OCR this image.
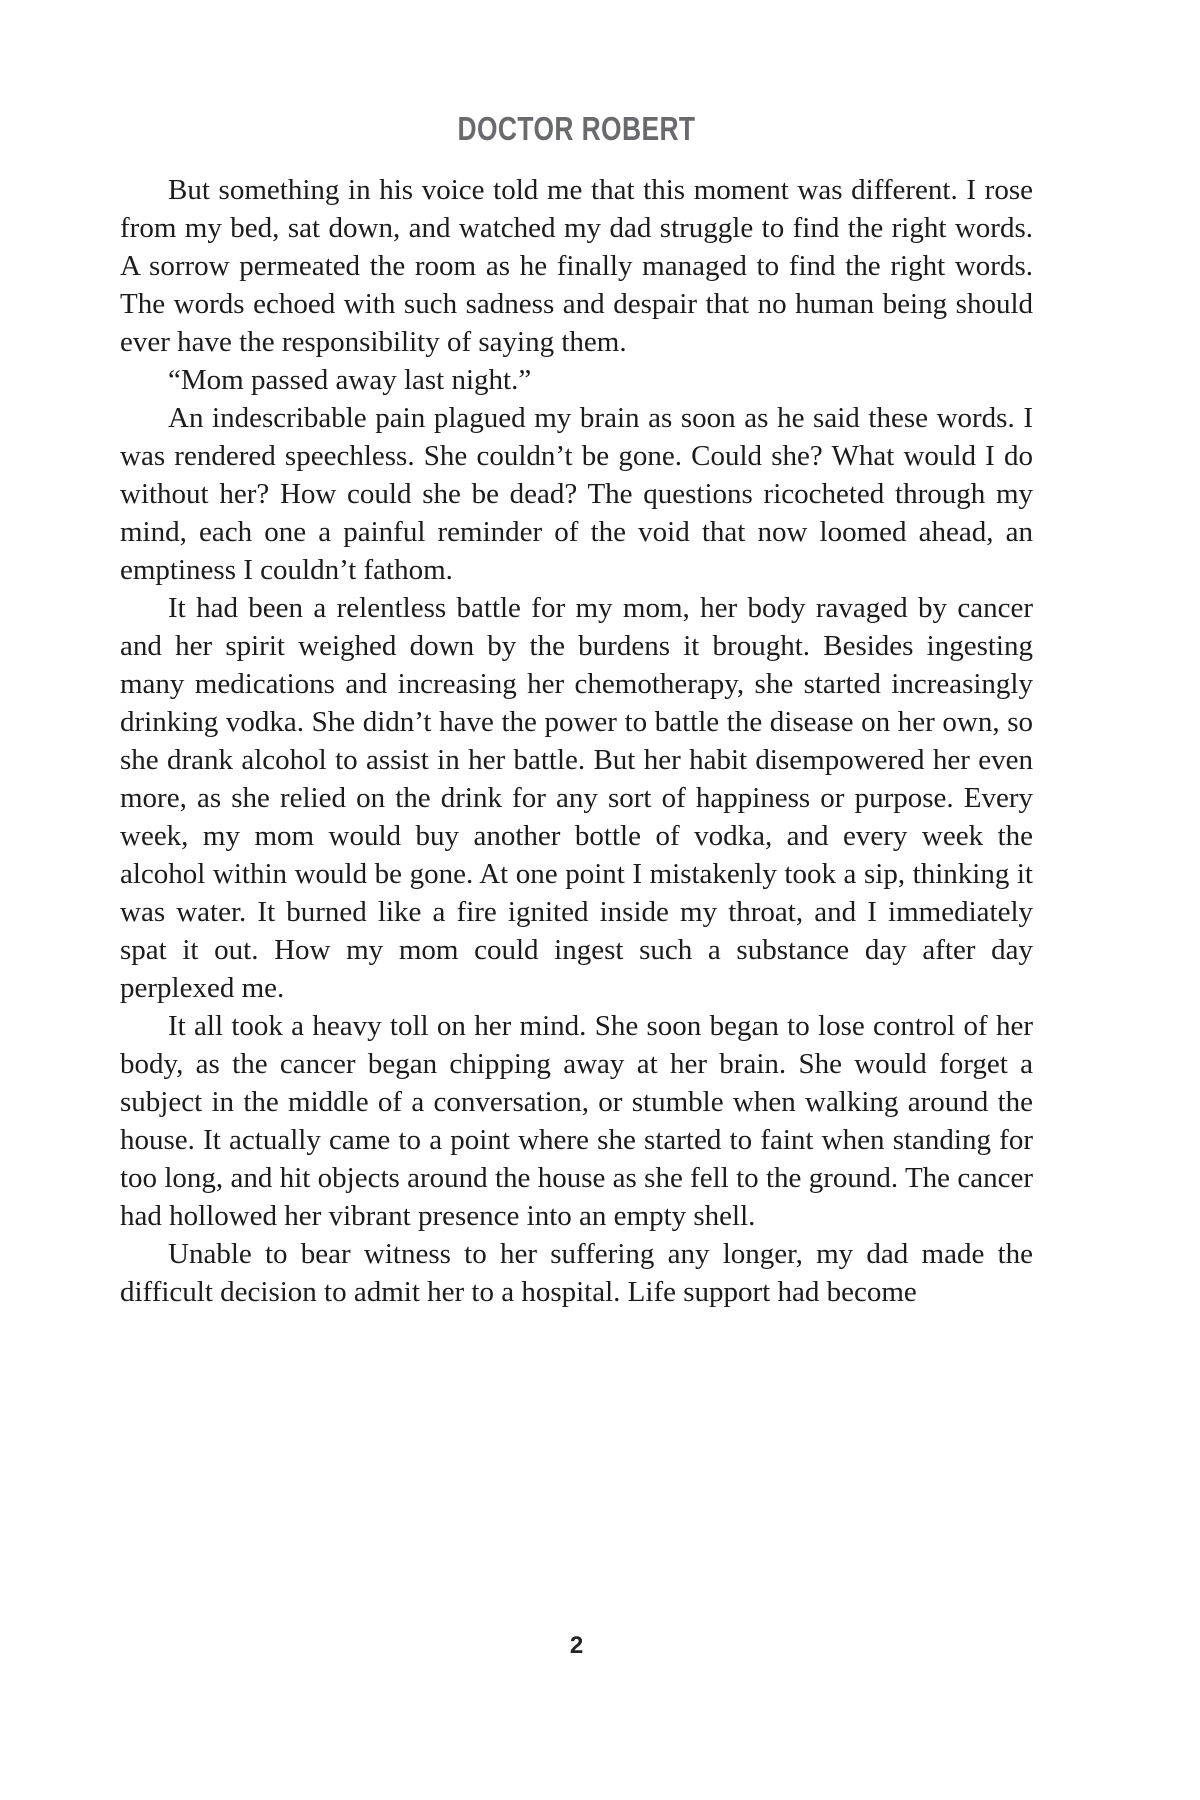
DOCTOR ROBERT

But something in his voice told me that this moment was different. I rose from my bed, sat down, and watched my dad struggle to find the right words. A sorrow permeated the room as he finally managed to find the right words. The words echoed with such sadness and despair that no human being should ever have the responsibility of saying them.

“Mom passed away last night.”

An indescribable pain plagued my brain as soon as he said these words. I was rendered speechless. She couldn’t be gone. Could she? What would I do without her? How could she be dead? The questions ricocheted through my mind, each one a painful reminder of the void that now loomed ahead, an emptiness I couldn’t fathom.

It had been a relentless battle for my mom, her body ravaged by cancer and her spirit weighed down by the burdens it brought. Besides ingesting many medications and increasing her chemotherapy, she started increasingly drinking vodka. She didn’t have the power to battle the disease on her own, so she drank alcohol to assist in her battle. But her habit disempowered her even more, as she relied on the drink for any sort of happiness or purpose. Every week, my mom would buy another bottle of vodka, and every week the alcohol within would be gone. At one point I mistakenly took a sip, thinking it was water. It burned like a fire ignited inside my throat, and I immediately spat it out. How my mom could ingest such a substance day after day perplexed me.

It all took a heavy toll on her mind. She soon began to lose control of her body, as the cancer began chipping away at her brain. She would forget a subject in the middle of a conversation, or stumble when walking around the house. It actually came to a point where she started to faint when standing for too long, and hit objects around the house as she fell to the ground. The cancer had hollowed her vibrant presence into an empty shell.

Unable to bear witness to her suffering any longer, my dad made the difficult decision to admit her to a hospital. Life support had become

2
